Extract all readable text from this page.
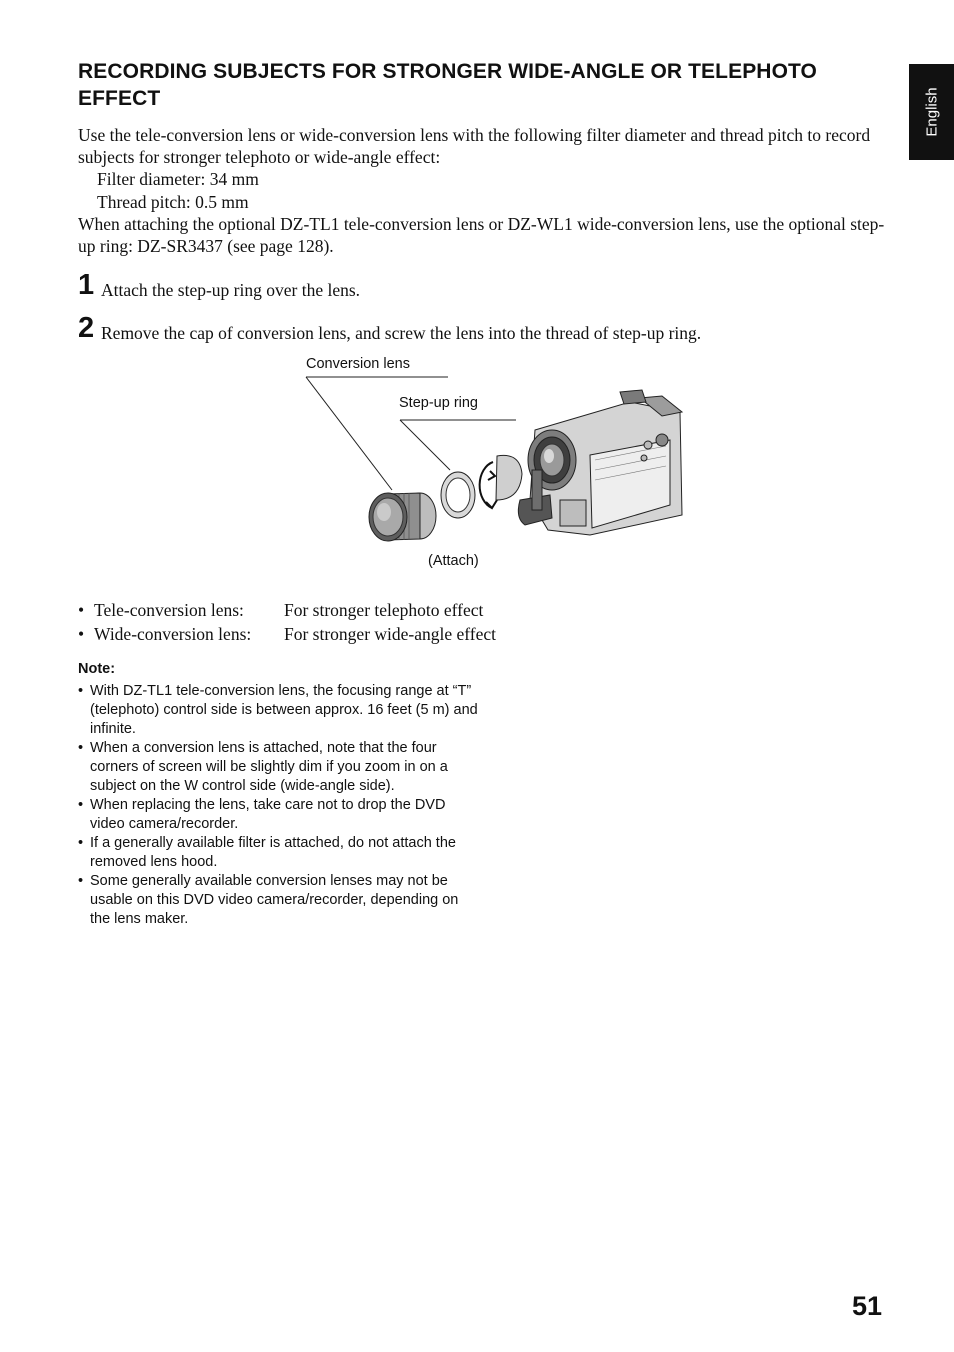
RECORDING SUBJECTS FOR STRONGER WIDE-ANGLE OR TELEPHOTO EFFECT	English
Use the tele-conversion lens or wide-conversion lens with the following filter diameter and thread pitch to record subjects for stronger telephoto or wide-angle effect:
Filter diameter: 34 mm
Thread pitch: 0.5 mm
When attaching the optional DZ-TL1 tele-conversion lens or DZ-WL1 wide-conversion lens, use the optional step-up ring: DZ-SR3437 (see page 128).
1 Attach the step-up ring over the lens.
2 Remove the cap of conversion lens, and screw the lens into the thread of step-up ring.
Conversion lens
Step-up ring
(Attach)
• Tele-conversion lens: For stronger telephoto effect
• Wide-conversion lens: For stronger wide-angle effect
Note:
• With DZ-TL1 tele-conversion lens, the focusing range at “T” (telephoto) control side is between approx. 16 feet (5 m) and infinite.
• When a conversion lens is attached, note that the four corners of screen will be slightly dim if you zoom in on a subject on the W control side (wide-angle side).
• When replacing the lens, take care not to drop the DVD video camera/recorder.
• If a generally available filter is attached, do not attach the removed lens hood.
• Some generally available conversion lenses may not be usable on this DVD video camera/recorder, depending on the lens maker.
51
